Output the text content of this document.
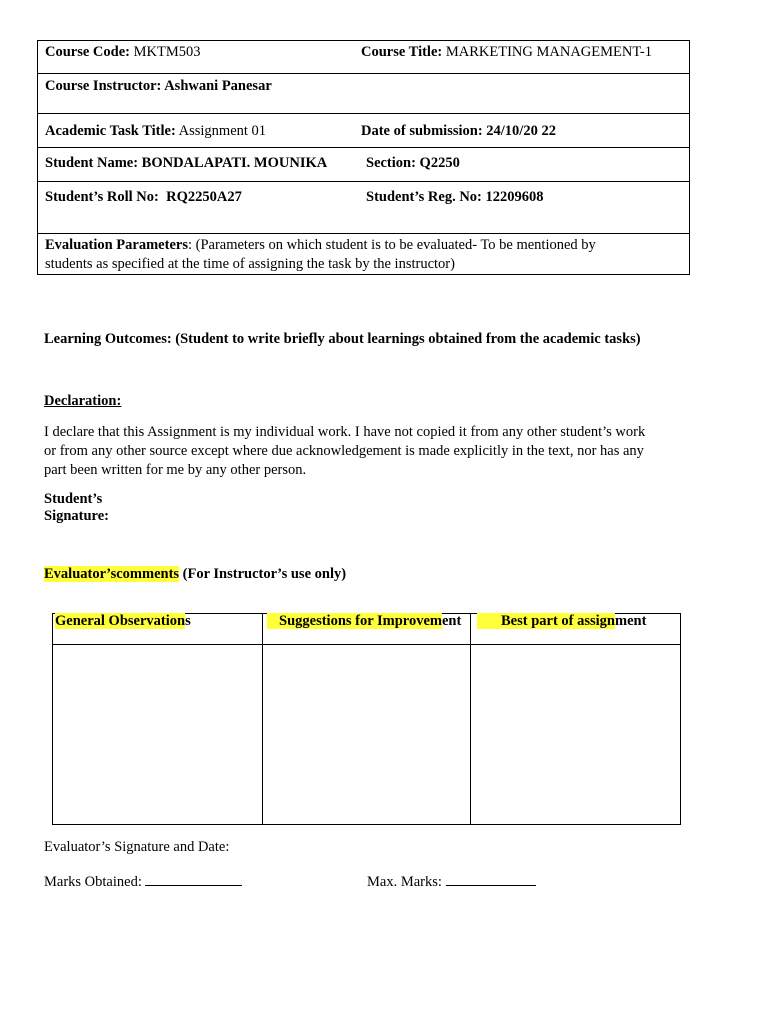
Course Code: MKTM503	Course Title: MARKETING MANAGEMENT-1
Course Instructor: Ashwani Panesar
Academic Task Title: Assignment 01	Date of submission: 24/10/20 22
Student Name: BONDALAPATI. MOUNIKA	Section: Q2250
Student’s Roll No: RQ2250A27	Student’s Reg. No: 12209608
Evaluation Parameters: (Parameters on which student is to be evaluated- To be mentioned by
students as specified at the time of assigning the task by the instructor)
Learning Outcomes: (Student to write briefly about learnings obtained from the academic tasks)
Declaration:
I declare that this Assignment is my individual work. I have not copied it from any other student’s work
or from any other source except where due acknowledgement is made explicitly in the text, nor has any
part been written for me by any other person.
Student’s
Signature:
Evaluator’scomments (For Instructor’s use only)
General Observations	Suggestions for Improvement	Best part of assignment
Evaluator’s Signature and Date:
Marks Obtained:	Max. Marks:
